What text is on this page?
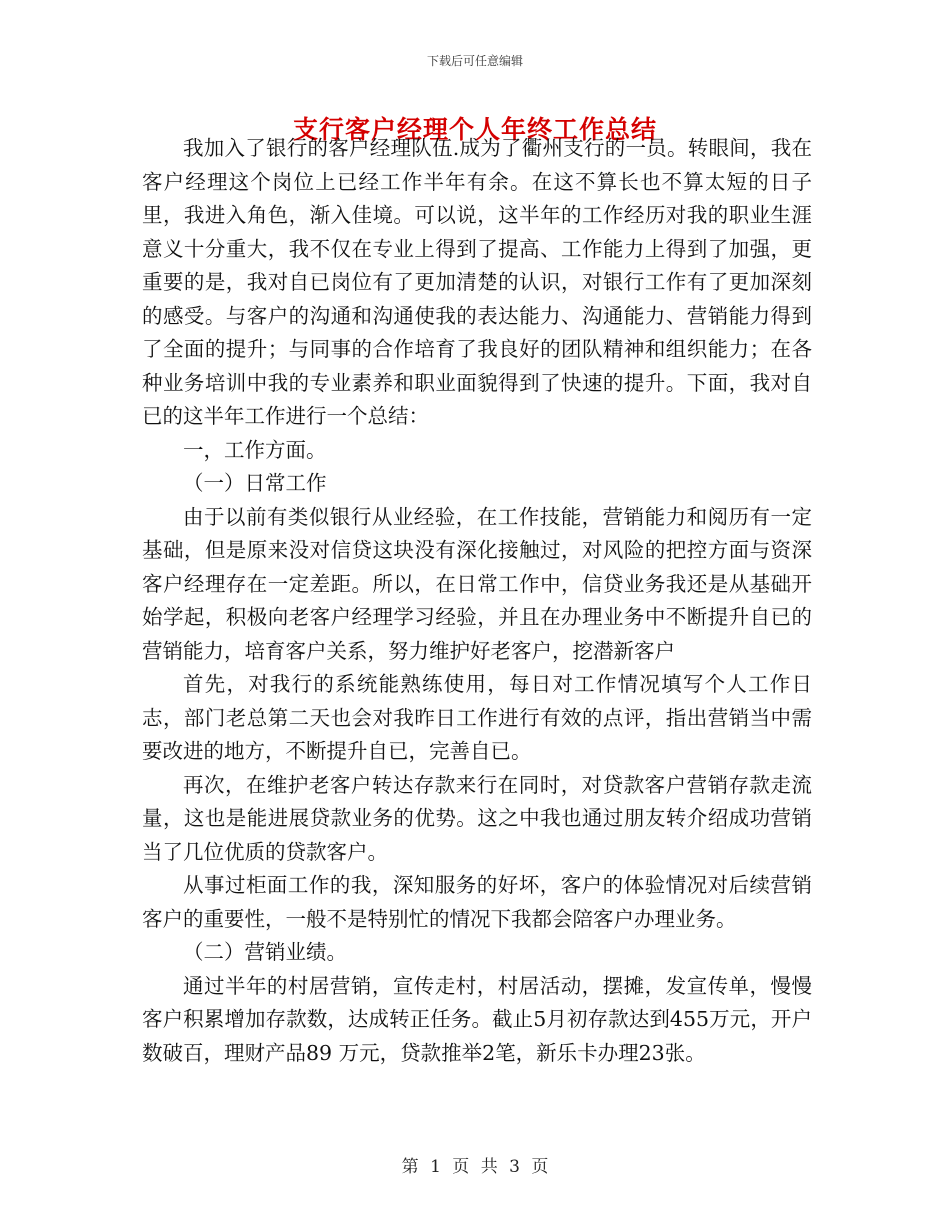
下载后可任意编辑
支行客户经理个人年终工作总结

我加入了银行的客户经理队伍.成为了衢州支行的一员。转眼间，我在客户经理这个岗位上已经工作半年有余。在这不算长也不算太短的日子里，我进入角色，渐入佳境。可以说，这半年的工作经历对我的职业生涯意义十分重大，我不仅在专业上得到了提高、工作能力上得到了加强，更重要的是，我对自已岗位有了更加清楚的认识，对银行工作有了更加深刻的感受。与客户的沟通和沟通使我的表达能力、沟通能力、营销能力得到了全面的提升；与同事的合作培育了我良好的团队精神和组织能力；在各种业务培训中我的专业素养和职业面貌得到了快速的提升。下面，我对自已的这半年工作进行一个总结：

一，工作方面。

（一）日常工作

由于以前有类似银行从业经验，在工作技能，营销能力和阅历有一定基础，但是原来没对信贷这块没有深化接触过，对风险的把控方面与资深客户经理存在一定差距。所以，在日常工作中，信贷业务我还是从基础开始学起，积极向老客户经理学习经验，并且在办理业务中不断提升自已的营销能力，培育客户关系，努力维护好老客户，挖潜新客户

首先，对我行的系统能熟练使用，每日对工作情况填写个人工作日志，部门老总第二天也会对我昨日工作进行有效的点评，指出营销当中需要改进的地方，不断提升自已，完善自已。

再次，在维护老客户转达存款来行在同时，对贷款客户营销存款走流量，这也是能进展贷款业务的优势。这之中我也通过朋友转介绍成功营销当了几位优质的贷款客户。

从事过柜面工作的我，深知服务的好坏，客户的体验情况对后续营销客户的重要性，一般不是特别忙的情况下我都会陪客户办理业务。

（二）营销业绩。

通过半年的村居营销，宣传走村，村居活动，摆摊，发宣传单，慢慢客户积累增加存款数，达成转正任务。截止5月初存款达到455万元，开户数破百，理财产品89 万元，贷款推举2笔，新乐卡办理23张。

第 1 页 共 3 页
